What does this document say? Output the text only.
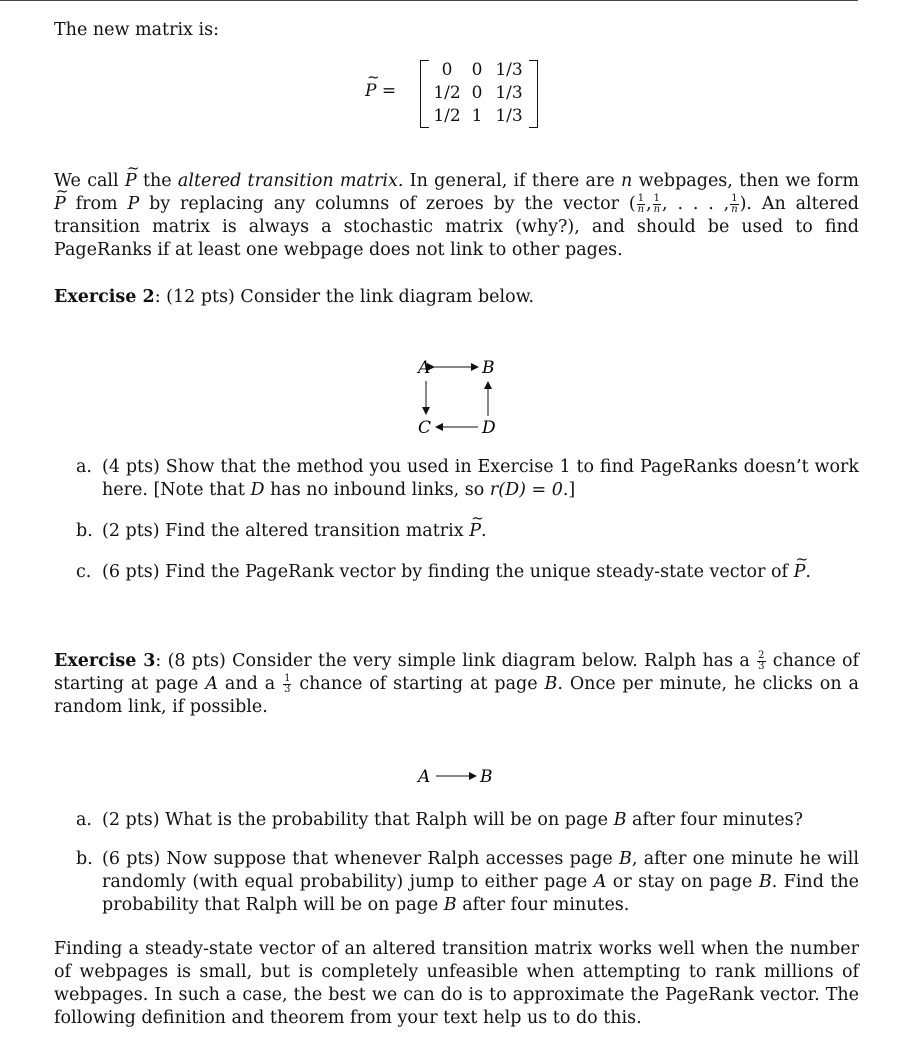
The new matrix is:
~ P =
0	0 1/3
1/2 0 1/3
1/2 1 1/3
We call ~ P the altered transition matrix. In general, if there are n webpages, then we form ~ P from P by replacing any columns of zeroes by the vector ( $\frac{1}{n}$ , $\frac{1}{n}$ , . . . , $\frac{1}{n}$ ). An altered transition matrix is always a stochastic matrix (why?), and should be used to find PageRanks if at least one webpage does not link to other pages.
Exercise 2: (12 pts) Consider the link diagram below.
A	B
C	D
a. (4 pts) Show that the method you used in Exercise 1 to find PageRanks doesn’t work here. [Note that D has no inbound links, so r(D) = 0.]
b. (2 pts) Find the altered transition matrix ~ P.
c. (6 pts) Find the PageRank vector by finding the unique steady-state vector of ~ P.
Exercise 3: (8 pts) Consider the very simple link diagram below. Ralph has a $\frac{2}{3}$ chance of starting at page A and a $\frac{1}{3}$ chance of starting at page B. Once per minute, he clicks on a random link, if possible.
A	B
a. (2 pts) What is the probability that Ralph will be on page B after four minutes?
b. (6 pts) Now suppose that whenever Ralph accesses page B, after one minute he will randomly (with equal probability) jump to either page A or stay on page B. Find the probability that Ralph will be on page B after four minutes.
Finding a steady-state vector of an altered transition matrix works well when the number of webpages is small, but is completely unfeasible when attempting to rank millions of webpages. In such a case, the best we can do is to approximate the PageRank vector. The following definition and theorem from your text help us to do this.
